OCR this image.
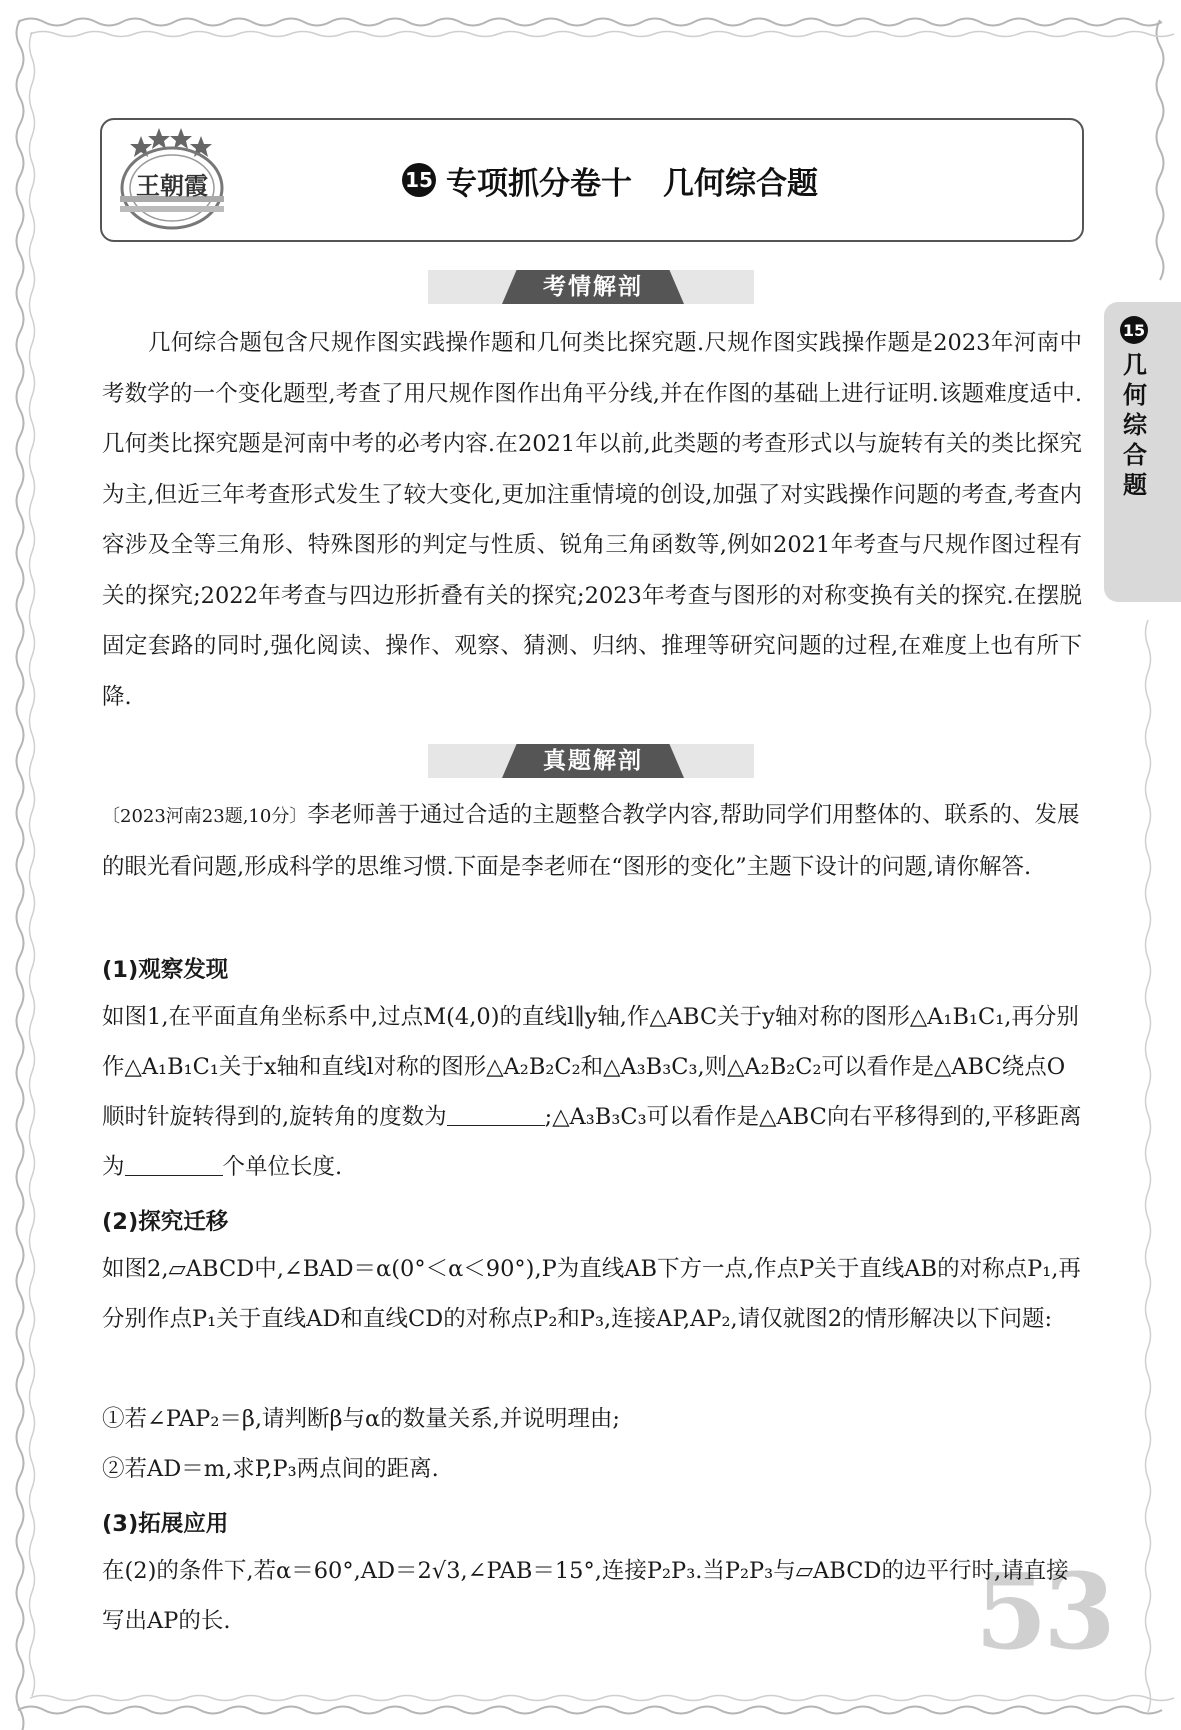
王朝霞	15 专项抓分卷十　几何综合题
15
几何综合题
考情解剖

几何综合题包含尺规作图实践操作题和几何类比探究题.尺规作图实践操作题是2023年河南中考数学的一个变化题型,考查了用尺规作图作出角平分线,并在作图的基础上进行证明.该题难度适中.几何类比探究题是河南中考的必考内容.在2021年以前,此类题的考查形式以与旋转有关的类比探究为主,但近三年考查形式发生了较大变化,更加注重情境的创设,加强了对实践操作问题的考查,考查内容涉及全等三角形、特殊图形的判定与性质、锐角三角函数等,例如2021年考查与尺规作图过程有关的探究;2022年考查与四边形折叠有关的探究;2023年考查与图形的对称变换有关的探究.在摆脱固定套路的同时,强化阅读、操作、观察、猜测、归纳、推理等研究问题的过程,在难度上也有所下降.

真题解剖

〔2023河南23题,10分〕李老师善于通过合适的主题整合教学内容,帮助同学们用整体的、联系的、发展的眼光看问题,形成科学的思维习惯.下面是李老师在“图形的变化”主题下设计的问题,请你解答.

(1)观察发现

如图1,在平面直角坐标系中,过点M(4,0)的直线l∥y轴,作△ABC关于y轴对称的图形△A₁B₁C₁,再分别作△A₁B₁C₁关于x轴和直线l对称的图形△A₂B₂C₂和△A₃B₃C₃,则△A₂B₂C₂可以看作是△ABC绕点O顺时针旋转得到的,旋转角的度数为	;△A₃B₃C₃可以看作是△ABC向右平移得到的,平移距离为	个单位长度.

(2)探究迁移

如图2,▱ABCD中,∠BAD＝α(0°＜α＜90°),P为直线AB下方一点,作点P关于直线AB的对称点P₁,再分别作点P₁关于直线AD和直线CD的对称点P₂和P₃,连接AP,AP₂,请仅就图2的情形解决以下问题:

①若∠PAP₂＝β,请判断β与α的数量关系,并说明理由;

②若AD＝m,求P,P₃两点间的距离.

(3)拓展应用

53

在(2)的条件下,若α＝60°,AD＝2√3,∠PAB＝15°,连接P₂P₃.当P₂P₃与▱ABCD的边平行时,请直接写出AP的长.
